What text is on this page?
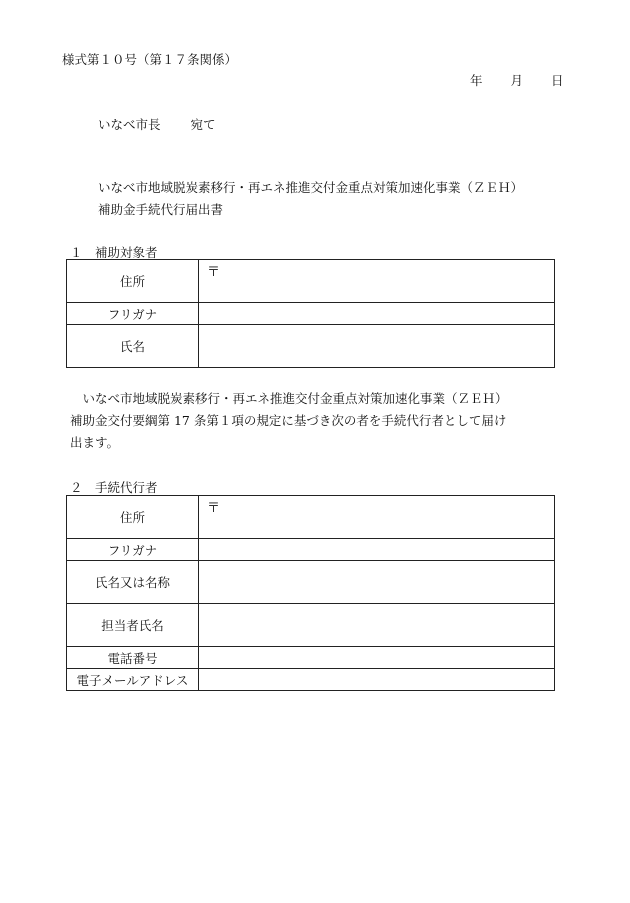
様式第１０号（第１７条関係）
年 月 日
いなべ市長 宛て
いなべ市地域脱炭素移行・再エネ推進交付金重点対策加速化事業（ＺＥＨ）
補助金手続代行届出書
１　補助対象者
住所	〒

フリガナ	
氏名	

　いなべ市地域脱炭素移行・再エネ推進交付金重点対策加速化事業（ＺＥＨ）

補助金交付要綱第 17 条第１項の規定に基づき次の者を手続代行者として届け

出ます。

２　手続代行者
住所	〒

フリガナ	
氏名又は名称	
担当者氏名	
電話番号	
電子メールアドレス	
